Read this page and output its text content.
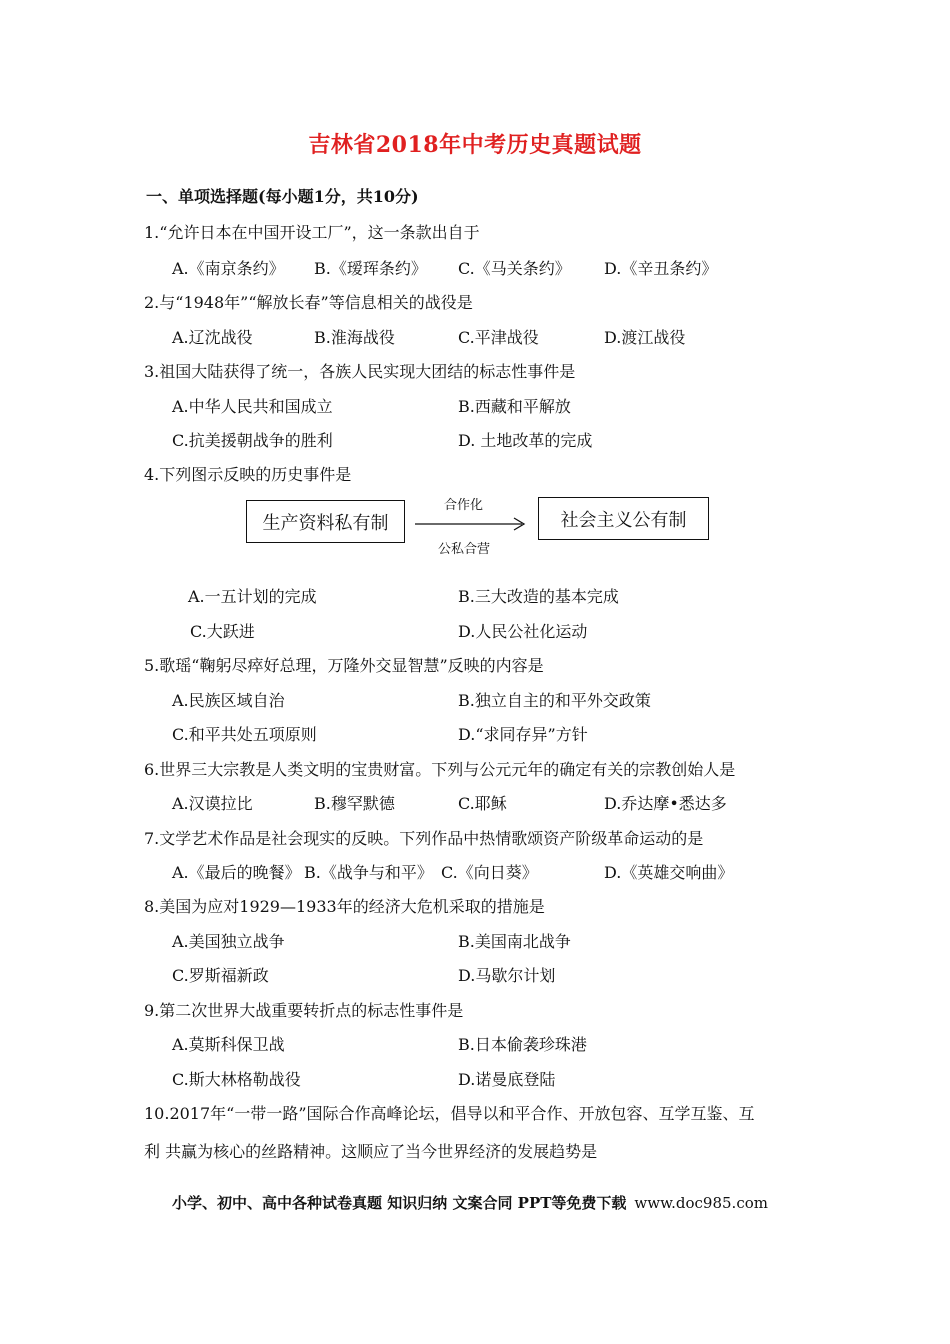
吉林省2018年中考历史真题试题
一、单项选择题(每小题1分，共10分)
1.“允许日本在中国开设工厂”，这一条款出自于
A.《南京条约》 B.《瑷珲条约》 C.《马关条约》 D.《辛丑条约》
2.与“1948年”“解放长春”等信息相关的战役是
A.辽沈战役	B.淮海战役	C.平津战役	D.渡江战役
3.祖国大陆获得了统一，各族人民实现大团结的标志性事件是
A.中华人民共和国成立	B.西藏和平解放
C.抗美援朝战争的胜利	D. 土地改革的完成
4.下列图示反映的历史事件是
生产资料私有制
合作化
公私合营
社会主义公有制
A.一五计划的完成	B.三大改造的基本完成
C.大跃进	D.人民公社化运动
5.歌瑶“鞠躬尽瘁好总理，万隆外交显智慧”反映的内容是
A.民族区域自治	B.独立自主的和平外交政策
C.和平共处五项原则	D.“求同存异”方针
6.世界三大宗教是人类文明的宝贵财富。下列与公元元年的确定有关的宗教创始人是
A.汉谟拉比	B.穆罕默德	C.耶稣	D.乔达摩•悉达多
7.文学艺术作品是社会现实的反映。下列作品中热情歌颂资产阶级革命运动的是
A.《最后的晚餐》 B.《战争与和平》 C.《向日葵》	D.《英雄交响曲》
8.美国为应对1929—1933年的经济大危机采取的措施是
A.美国独立战争	B.美国南北战争
C.罗斯福新政	D.马歇尔计划
9.第二次世界大战重要转折点的标志性事件是
A.莫斯科保卫战	B.日本偷袭珍珠港
C.斯大林格勒战役	D.诺曼底登陆
10.2017年“一带一路”国际合作高峰论坛，倡导以和平合作、开放包容、互学互鉴、互
利 共赢为核心的丝路精神。这顺应了当今世界经济的发展趋势是
小学、初中、高中各种试卷真题 知识归纳 文案合同 PPT等免费下载 www.doc985.com
